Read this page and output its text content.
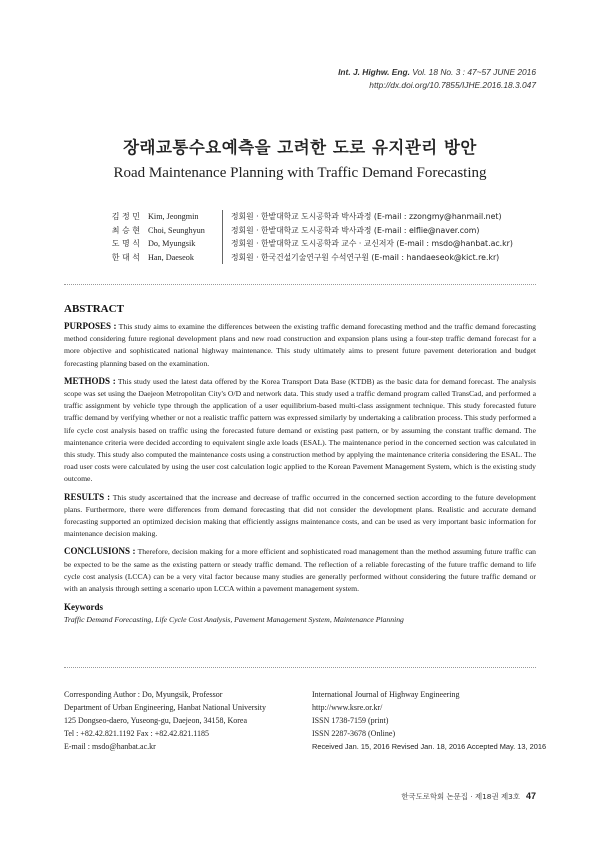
Int. J. Highw. Eng. Vol. 18 No. 3 : 47~57 JUNE 2016
http://dx.doi.org/10.7855/IJHE.2016.18.3.047
장래교통수요예측을 고려한 도로 유지관리 방안
Road Maintenance Planning with Traffic Demand Forecasting
김 정 민 Kim, Jeongmin	정회원 · 한밭대학교 도시공학과 박사과정 (E-mail : zzongmy@hanmail.net)
최 승 현 Choi, Seunghyun	정회원 · 한밭대학교 도시공학과 박사과정 (E-mail : elflie@naver.com)
도 명 식 Do, Myungsik	정회원 · 한밭대학교 도시공학과 교수 · 교신저자 (E-mail : msdo@hanbat.ac.kr)
한 대 석 Han, Daeseok	정회원 · 한국건설기술연구원 수석연구원 (E-mail : handaeseok@kict.re.kr)
ABSTRACT

PURPOSES : This study aims to examine the differences between the existing traffic demand forecasting method and the traffic demand forecasting method considering future regional development plans and new road construction and expansion plans using a four-step traffic demand forecast for a more objective and sophisticated national highway maintenance. This study ultimately aims to present future pavement deterioration and budget forecasting planning based on the examination.

METHODS : This study used the latest data offered by the Korea Transport Data Base (KTDB) as the basic data for demand forecast. The analysis scope was set using the Daejeon Metropolitan City's O/D and network data. This study used a traffic demand program called TransCad, and performed a traffic assignment by vehicle type through the application of a user equilibrium-based multi-class assignment technique. This study forecasted future traffic demand by verifying whether or not a realistic traffic pattern was expressed similarly by undertaking a calibration process. This study performed a life cycle cost analysis based on traffic using the forecasted future demand or existing past pattern, or by assuming the constant traffic demand. The maintenance criteria were decided according to equivalent single axle loads (ESAL). The maintenance period in the concerned section was calculated in this study. This study also computed the maintenance costs using a construction method by applying the maintenance criteria considering the ESAL. The road user costs were calculated by using the user cost calculation logic applied to the Korean Pavement Management System, which is the existing study outcome.

RESULTS : This study ascertained that the increase and decrease of traffic occurred in the concerned section according to the future development plans. Furthermore, there were differences from demand forecasting that did not consider the development plans. Realistic and accurate demand forecasting supported an optimized decision making that efficiently assigns maintenance costs, and can be used as very important basic information for maintenance decision making.

CONCLUSIONS : Therefore, decision making for a more efficient and sophisticated road management than the method assuming future traffic can be expected to be the same as the existing pattern or steady traffic demand. The reflection of a reliable forecasting of the future traffic demand to life cycle cost analysis (LCCA) can be a very vital factor because many studies are generally performed without considering the future traffic demand or with an analysis through setting a scenario upon LCCA within a pavement management system.

Keywords

Traffic Demand Forecasting, Life Cycle Cost Analysis, Pavement Management System, Maintenance Planning

Corresponding Author : Do, Myungsik, Professor
Department of Urban Engineering, Hanbat National University
125 Dongseo-daero, Yuseong-gu, Daejeon, 34158, Korea
Tel : +82.42.821.1192 Fax : +82.42.821.1185
E-mail : msdo@hanbat.ac.kr
International Journal of Highway Engineering
http://www.ksre.or.kr/
ISSN 1738-7159 (print)
ISSN 2287-3678 (Online)
Received Jan. 15, 2016 Revised Jan. 18, 2016 Accepted May. 13, 2016
한국도로학회 논문집 · 제18권 제3호 47
